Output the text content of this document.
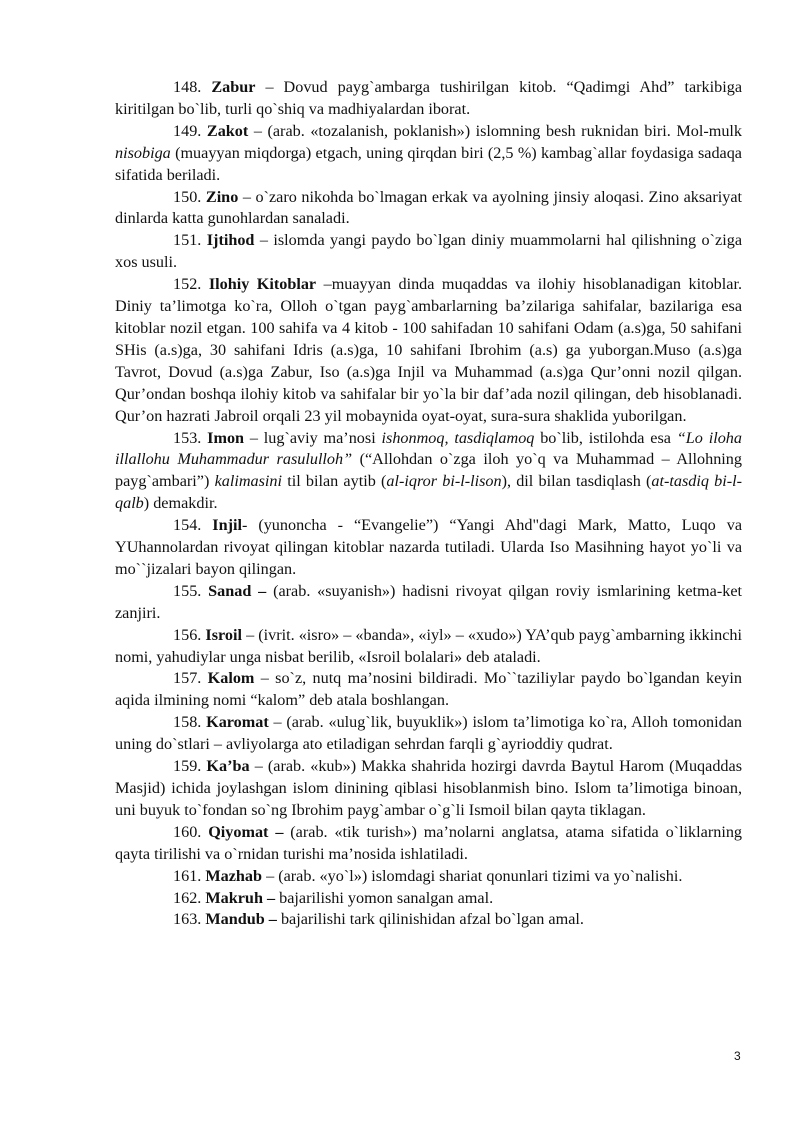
148. Zabur – Dovud payg`ambarga tushirilgan kitob. “Qadimgi Ahd” tarkibiga kiritilgan bo`lib, turli qo`shiq va madhiyalardan iborat.

149. Zakot – (arab. «tozalanish, poklanish») islomning besh ruknidan biri. Mol-mulk nisobiga (muayyan miqdorga) etgach, uning qirqdan biri (2,5 %) kambag`allar foydasiga sadaqa sifatida beriladi.

150. Zino – o`zaro nikohda bo`lmagan erkak va ayolning jinsiy aloqasi. Zino aksariyat dinlarda katta gunohlardan sanaladi.

151. Ijtihod – islomda yangi paydo bo`lgan diniy muammolarni hal qilishning o`ziga xos usuli.

152. Ilohiy Kitoblar –muayyan dinda muqaddas va ilohiy hisoblanadigan kitoblar. Diniy ta’limotga ko`ra, Olloh o`tgan payg`ambarlarning ba’zilariga sahifalar, bazilariga esa kitoblar nozil etgan. 100 sahifa va 4 kitob - 100 sahifadan 10 sahifani Odam (a.s)ga, 50 sahifani SHis (a.s)ga, 30 sahifani Idris (a.s)ga, 10 sahifani Ibrohim (a.s) ga yuborgan.Muso (a.s)ga Tavrot, Dovud (a.s)ga Zabur, Iso (a.s)ga Injil va Muhammad (a.s)ga Qur’onni nozil qilgan. Qur’ondan boshqa ilohiy kitob va sahifalar bir yo`la bir daf’ada nozil qilingan, deb hisoblanadi. Qur’on hazrati Jabroil orqali 23 yil mobaynida oyat-oyat, sura-sura shaklida yuborilgan.

153. Imon – lug`aviy ma’nosi ishonmoq, tasdiqlamoq bo`lib, istilohda esa “Lo iloha illallohu Muhammadur rasululloh” (“Allohdan o`zga iloh yo`q va Muhammad – Allohning payg`ambari”) kalimasini til bilan aytib (al-iqror bi-l-lison), dil bilan tasdiqlash (at-tasdiq bi-l-qalb) demakdir.

154. Injil- (yunoncha - “Evangelie”) “Yangi Ahd"dagi Mark, Matto, Luqo va YUhannolardan rivoyat qilingan kitoblar nazarda tutiladi. Ularda Iso Masihning hayot yo`li va mo``jizalari bayon qilingan.

155. Sanad – (arab. «suyanish») hadisni rivoyat qilgan roviy ismlarining ketma-ket zanjiri.

156. Isroil – (ivrit. «isro» – «banda», «iyl» – «xudo») YA’qub payg`ambarning ikkinchi nomi, yahudiylar unga nisbat berilib, «Isroil bolalari» deb ataladi.

157. Kalom – so`z, nutq ma’nosini bildiradi. Mo``taziliylar paydo bo`lgandan keyin aqida ilmining nomi “kalom” deb atala boshlangan.

158. Karomat – (arab. «ulug`lik, buyuklik») islom ta’limotiga ko`ra, Alloh tomonidan uning do`stlari – avliyolarga ato etiladigan sehrdan farqli g`ayrioddiy qudrat.

159. Ka’ba – (arab. «kub») Makka shahrida hozirgi davrda Baytul Harom (Muqaddas Masjid) ichida joylashgan islom dinining qiblasi hisoblanmish bino. Islom ta’limotiga binoan, uni buyuk to`fondan so`ng Ibrohim payg`ambar o`g`li Ismoil bilan qayta tiklagan.

160. Qiyomat – (arab. «tik turish») ma’nolarni anglatsa, atama sifatida o`liklarning qayta tirilishi va o`rnidan turishi ma’nosida ishlatiladi.

161. Mazhab – (arab. «yo`l») islomdagi shariat qonunlari tizimi va yo`nalishi.

162. Makruh – bajarilishi yomon sanalgan amal.

163. Mandub – bajarilishi tark qilinishidan afzal bo`lgan amal.

3
